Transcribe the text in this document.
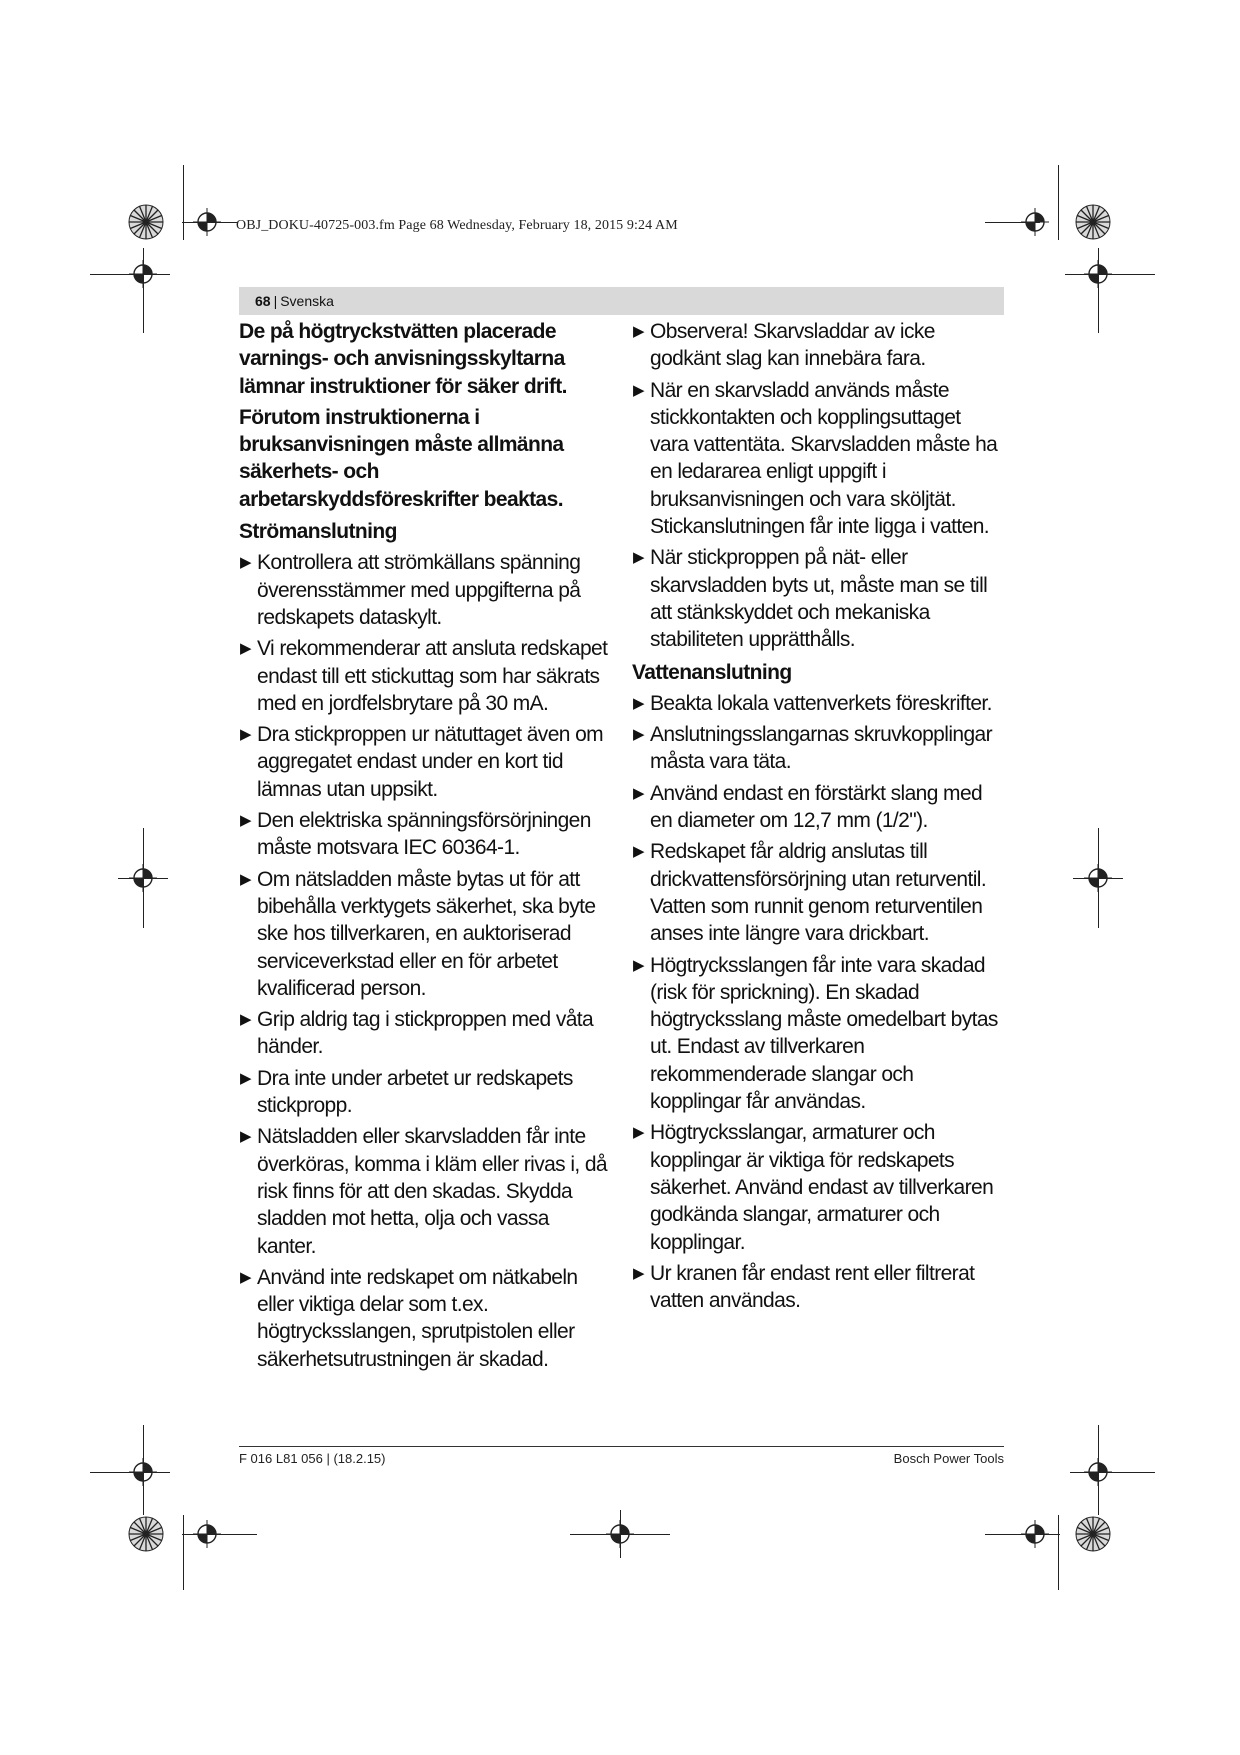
OBJ_DOKU-40725-003.fm Page 68 Wednesday, February 18, 2015 9:24 AM
68 | Svenska

De på högtryckstvätten placerade varnings- och anvisningsskyltarna lämnar instruktioner för säker drift.

Förutom instruktionerna i bruksanvisningen måste allmänna säkerhets- och arbetarskyddsföreskrifter beaktas.

Strömanslutning

▶ Kontrollera att strömkällans spänning överensstämmer med uppgifterna på redskapets dataskylt.
▶ Vi rekommenderar att ansluta redskapet endast till ett stickuttag som har säkrats med en jordfelsbrytare på 30 mA.
▶ Dra stickproppen ur nätuttaget även om aggregatet endast under en kort tid lämnas utan uppsikt.
▶ Den elektriska spänningsförsörjningen måste motsvara IEC 60364-1.
▶ Om nätsladden måste bytas ut för att bibehålla verktygets säkerhet, ska byte ske hos tillverkaren, en auktoriserad serviceverkstad eller en för arbetet kvalificerad person.
▶ Grip aldrig tag i stickproppen med våta händer.
▶ Dra inte under arbetet ur redskapets stickpropp.
▶ Nätsladden eller skarvsladden får inte överköras, komma i kläm eller rivas i, då risk finns för att den skadas. Skydda sladden mot hetta, olja och vassa kanter.
▶ Använd inte redskapet om nätkabeln eller viktiga delar som t.ex. högtrycksslangen, sprutpistolen eller säkerhetsutrustningen är skadad.
▶ Observera! Skarvsladdar av icke godkänt slag kan innebära fara.
▶ När en skarvsladd används måste stickkontakten och kopplingsuttaget vara vattentäta. Skarvsladden måste ha en ledararea enligt uppgift i bruksanvisningen och vara sköljtät. Stickanslutningen får inte ligga i vatten.
▶ När stickproppen på nät- eller skarvsladden byts ut, måste man se till att stänkskyddet och mekaniska stabiliteten upprätthålls.

Vattenanslutning

▶ Beakta lokala vattenverkets föreskrifter.
▶ Anslutningsslangarnas skruvkopplingar måsta vara täta.
▶ Använd endast en förstärkt slang med en diameter om 12,7 mm (1/2").
▶ Redskapet får aldrig anslutas till drickvattensförsörjning utan returventil. Vatten som runnit genom returventilen anses inte längre vara drickbart.
▶ Högtrycksslangen får inte vara skadad (risk för sprickning). En skadad högtrycksslang måste omedelbart bytas ut. Endast av tillverkaren rekommenderade slangar och kopplingar får användas.
▶ Högtrycksslangar, armaturer och kopplingar är viktiga för redskapets säkerhet. Använd endast av tillverkaren godkända slangar, armaturer och kopplingar.
▶ Ur kranen får endast rent eller filtrerat vatten användas.
F 016 L81 056 | (18.2.15)	Bosch Power Tools
